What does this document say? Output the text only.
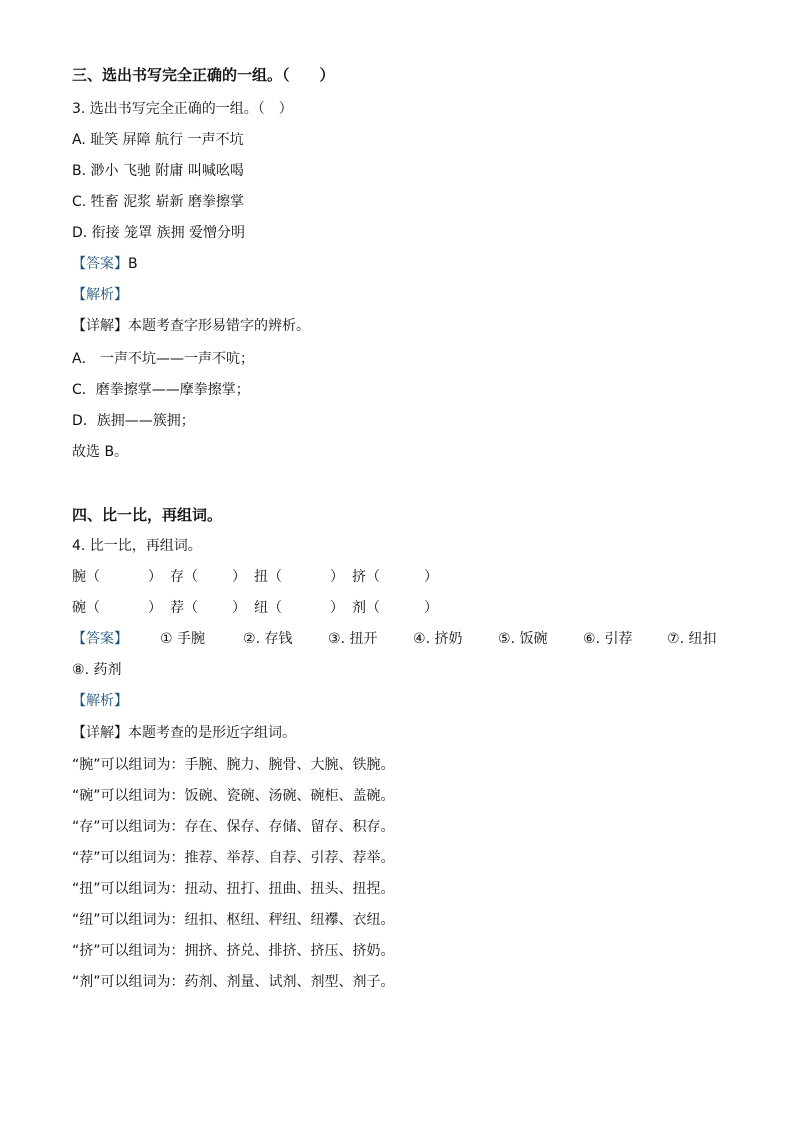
三、选出书写完全正确的一组。（　　）
3. 选出书写完全正确的一组。（　）
A. 耻笑 屏障 航行 一声不坑
B. 渺小 飞驰 附庸 叫喊吆喝
C. 牲畜 泥浆 崭新 磨拳擦掌
D. 衔接 笼罩 族拥 爱憎分明
【答案】B
【解析】
【详解】本题考查字形易错字的辨析。
A． 一声不坑——一声不吭；
C．磨拳擦掌——摩拳擦掌；
D．族拥——簇拥；
故选 B。
四、比一比，再组词。
4. 比一比，再组词。
腕（	） 存（ ） 扭（	） 挤（	）
碗（	） 荐（ ） 纽（	） 剂（	）
【答案】 ① 手腕	②. 存钱	③. 扭开	④. 挤奶	⑤. 饭碗	⑥. 引荐 ⑦. 纽扣
⑧. 药剂
【解析】
【详解】本题考查的是形近字组词。
“腕”可以组词为：手腕、腕力、腕骨、大腕、铁腕。
“碗”可以组词为：饭碗、瓷碗、汤碗、碗柜、盖碗。
“存”可以组词为：存在、保存、存储、留存、积存。
“荐”可以组词为：推荐、举荐、自荐、引荐、荐举。
“扭”可以组词为：扭动、扭打、扭曲、扭头、扭捏。
“纽”可以组词为：纽扣、枢纽、秤纽、纽襻、衣纽。
“挤”可以组词为：拥挤、挤兑、排挤、挤压、挤奶。
“剂”可以组词为：药剂、剂量、试剂、剂型、剂子。
